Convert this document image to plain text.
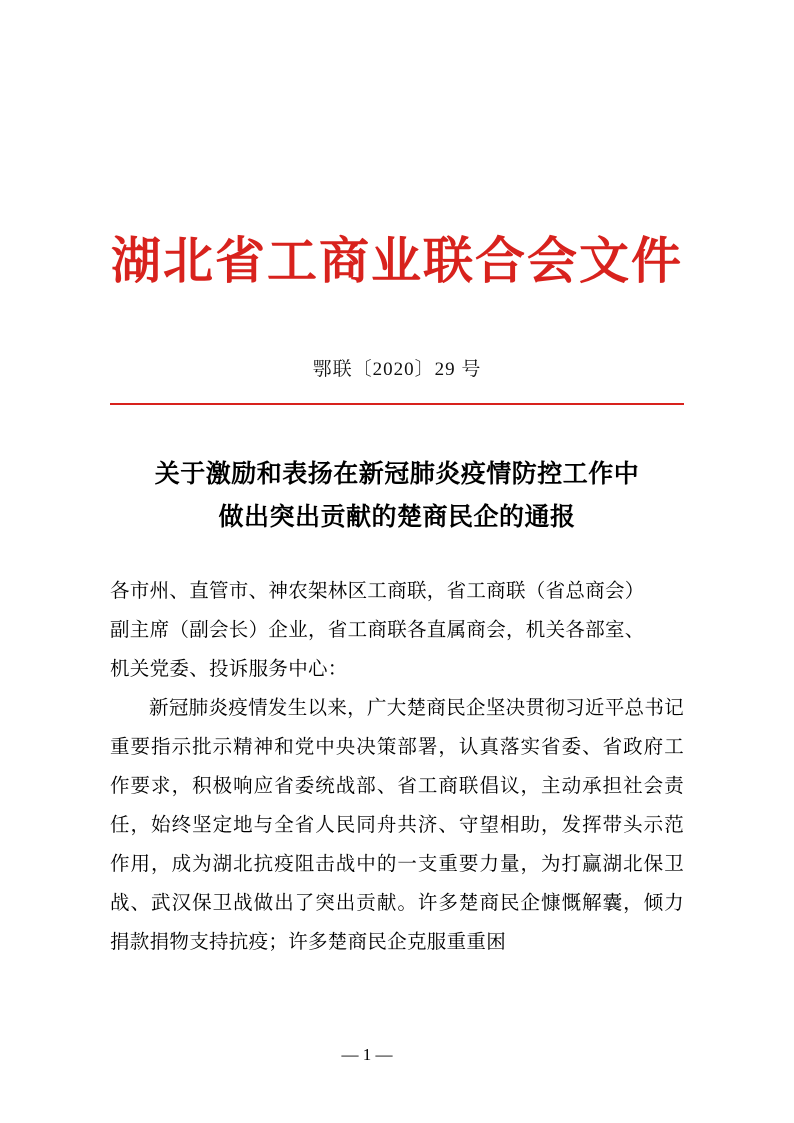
湖北省工商业联合会文件
鄂联〔2020〕29 号
关于激励和表扬在新冠肺炎疫情防控工作中
做出突出贡献的楚商民企的通报

各市州、直管市、神农架林区工商联，省工商联（省总商会）

副主席（副会长）企业，省工商联各直属商会，机关各部室、

机关党委、投诉服务中心：

新冠肺炎疫情发生以来，广大楚商民企坚决贯彻习近平总书记重要指示批示精神和党中央决策部署，认真落实省委、省政府工作要求，积极响应省委统战部、省工商联倡议，主动承担社会责任，始终坚定地与全省人民同舟共济、守望相助，发挥带头示范作用，成为湖北抗疫阻击战中的一支重要力量，为打赢湖北保卫战、武汉保卫战做出了突出贡献。许多楚商民企慷慨解囊，倾力捐款捐物支持抗疫；许多楚商民企克服重重困

— 1 —
